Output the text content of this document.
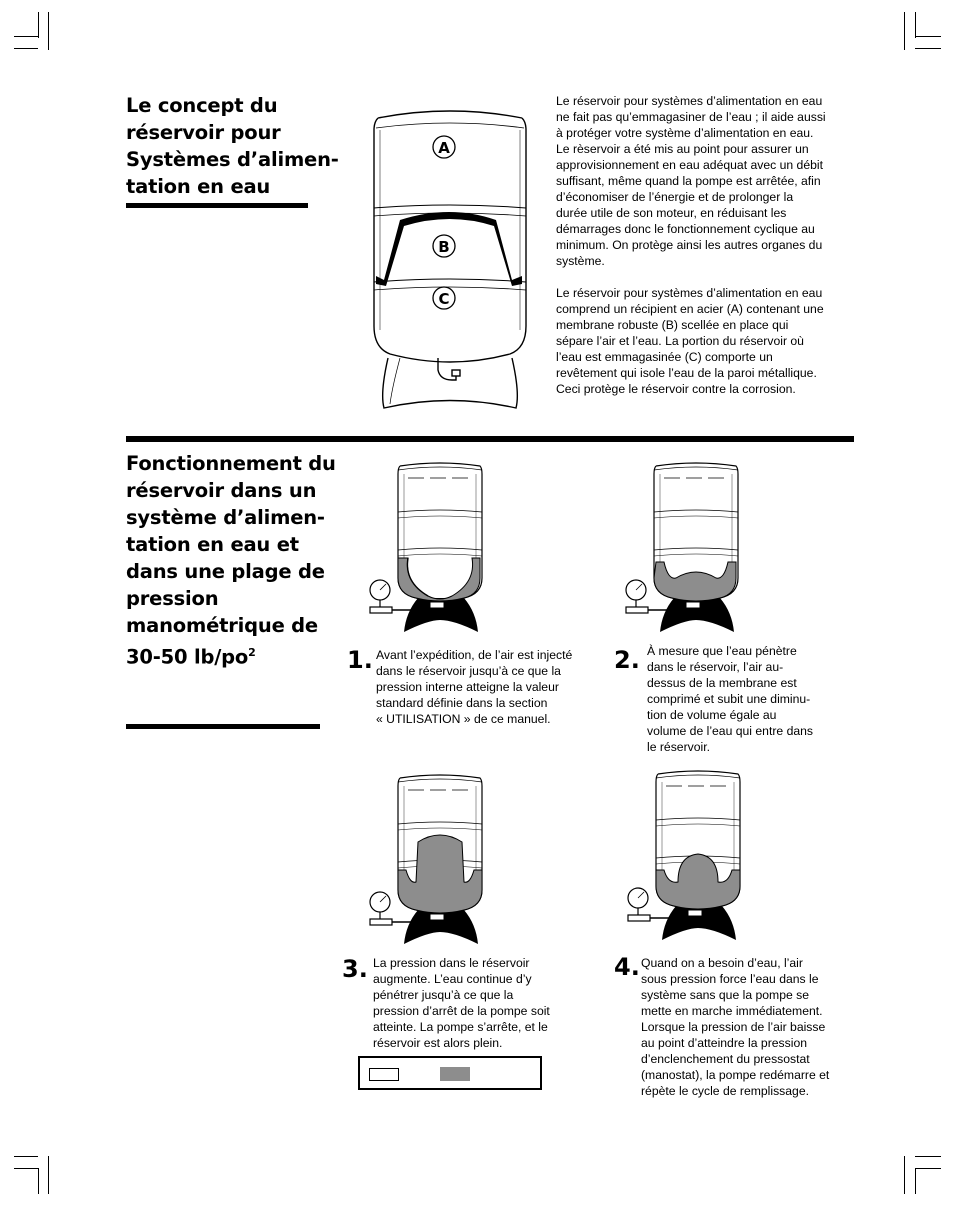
Le concept du
réservoir pour
Systèmes d’alimen-
tation en eau
A
B
C

Le réservoir pour systèmes d’alimentation en eau
ne fait pas qu’emmagasiner de l’eau ; il aide aussi
à protéger votre système d’alimentation en eau.
Le rèservoir a été mis au point pour assurer un
approvisionnement en eau adéquat avec un débit
suffisant, même quand la pompe est arrêtée, afin
d’économiser de l’énergie et de prolonger la
durée utile de son moteur, en réduisant les
démarrages donc le fonctionnement cyclique au
minimum. On protège ainsi les autres organes du
système.

Le réservoir pour systèmes d’alimentation en eau
comprend un récipient en acier (A) contenant une
membrane robuste (B) scellée en place qui
sépare l’air et l’eau. La portion du réservoir où
l’eau est emmagasinée (C) comporte un
revêtement qui isole l’eau de la paroi métallique.
Ceci protège le réservoir contre la corrosion.

Fonctionnement du
réservoir dans un
système d’alimen-
tation en eau et
dans une plage de
pression
manométrique de
30-50 $lb/po^2$	1. Avant l’expédition, de l’air est injecté
dans le réservoir jusqu’à ce que la
pression interne atteigne la valeur
standard définie dans la section
« UTILISATION » de ce manuel.
2. À mesure que l’eau pénètre
dans le réservoir, l’air au-
dessus de la membrane est
comprimé et subit une diminu-
tion de volume égale au
volume de l’eau qui entre dans
le réservoir.
3. La pression dans le réservoir
augmente. L’eau continue d’y
pénétrer jusqu’à ce que la
pression d’arrêt de la pompe soit
atteinte. La pompe s’arrête, et le
réservoir est alors plein.
4. Quand on a besoin d’eau, l’air
sous pression force l’eau dans le
système sans que la pompe se
mette en marche immédiatement.
Lorsque la pression de l’air baisse
au point d’atteindre la pression
d’enclenchement du pressostat
(manostat), la pompe redémarre et
répète le cycle de remplissage.
